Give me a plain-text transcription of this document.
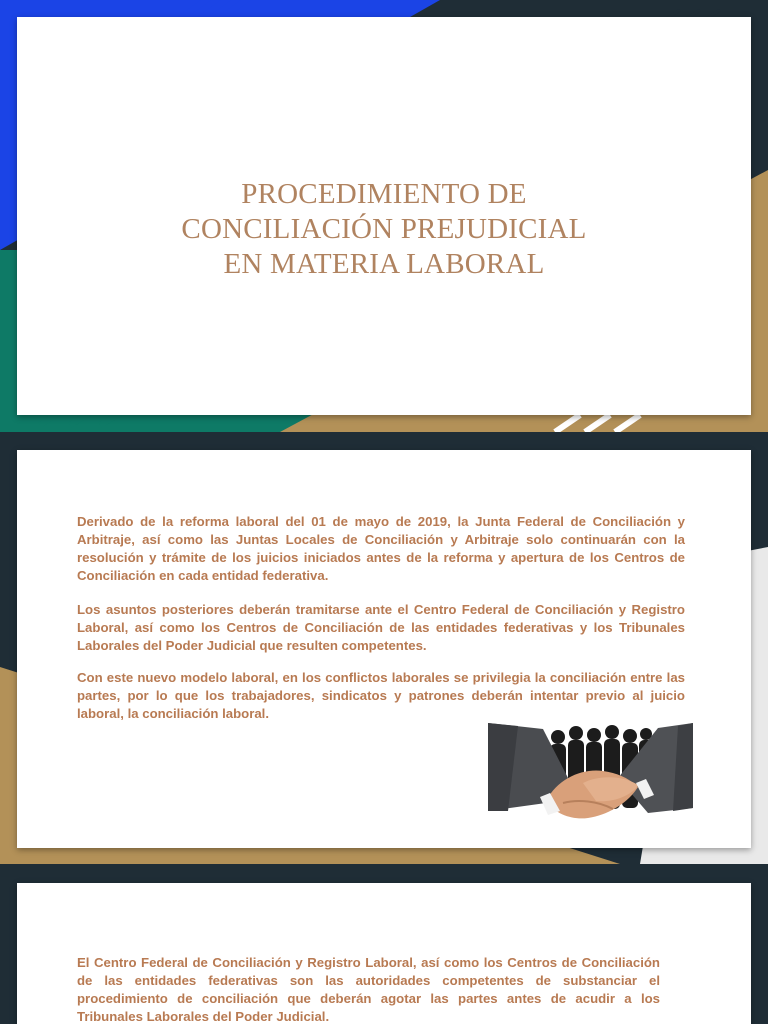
PROCEDIMIENTO DE
CONCILIACIÓN PREJUDICIAL
EN MATERIA LABORAL

Derivado de la reforma laboral del 01 de mayo de 2019, la Junta Federal de Conciliación y Arbitraje, así como las Juntas Locales de Conciliación y Arbitraje solo continuarán con la resolución y trámite de los juicios iniciados antes de la reforma y apertura de los Centros de Conciliación en cada entidad federativa.

Los asuntos posteriores deberán tramitarse ante el Centro Federal de Conciliación y Registro Laboral, así como los Centros de Conciliación de las entidades federativas y los Tribunales Laborales del Poder Judicial que resulten competentes.

Con este nuevo modelo laboral, en los conflictos laborales se privilegia la conciliación entre las partes, por lo que los trabajadores, sindicatos y patrones deberán intentar previo al juicio laboral, la conciliación laboral.

El Centro Federal de Conciliación y Registro Laboral, así como los Centros de Conciliación de las entidades federativas son las autoridades competentes de substanciar el procedimiento de conciliación que deberán agotar las partes antes de acudir a los Tribunales Laborales del Poder Judicial.
